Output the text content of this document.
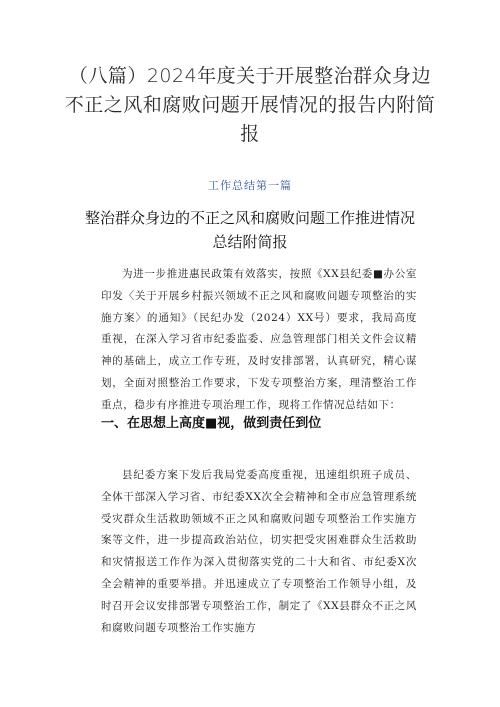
（八篇）2024年度关于开展整治群众身边不正之风和腐败问题开展情况的报告内附简报

工作总结第一篇

整治群众身边的不正之风和腐败问题工作推进情况总结附简报

为进一步推进惠民政策有效落实，按照《XX县纪委■办公室印发〈关于开展乡村振兴领域不正之风和腐败问题专项整治的实施方案〉的通知》（民纪办发（2024）XX号）要求，我局高度重视，在深入学习省市纪委监委、应急管理部门相关文件会议精神的基础上，成立工作专班，及时安排部署，认真研究，精心谋划，全面对照整治工作要求，下发专项整治方案，理清整治工作重点，稳步有序推进专项治理工作，现将工作情况总结如下：

一、在思想上高度■视，做到责任到位

县纪委方案下发后我局党委高度重视，迅速组织班子成员、全体干部深入学习省、市纪委XX次全会精神和全市应急管理系统受灾群众生活救助领域不正之风和腐败问题专项整治工作实施方案等文件，进一步提高政治站位，切实把受灾困难群众生活救助和灾情报送工作作为深入贯彻落实党的二十大和省、市纪委X次全会精神的重要举措。并迅速成立了专项整治工作领导小组，及时召开会议安排部署专项整治工作，制定了《XX县群众不正之风和腐败问题专项整治工作实施方
